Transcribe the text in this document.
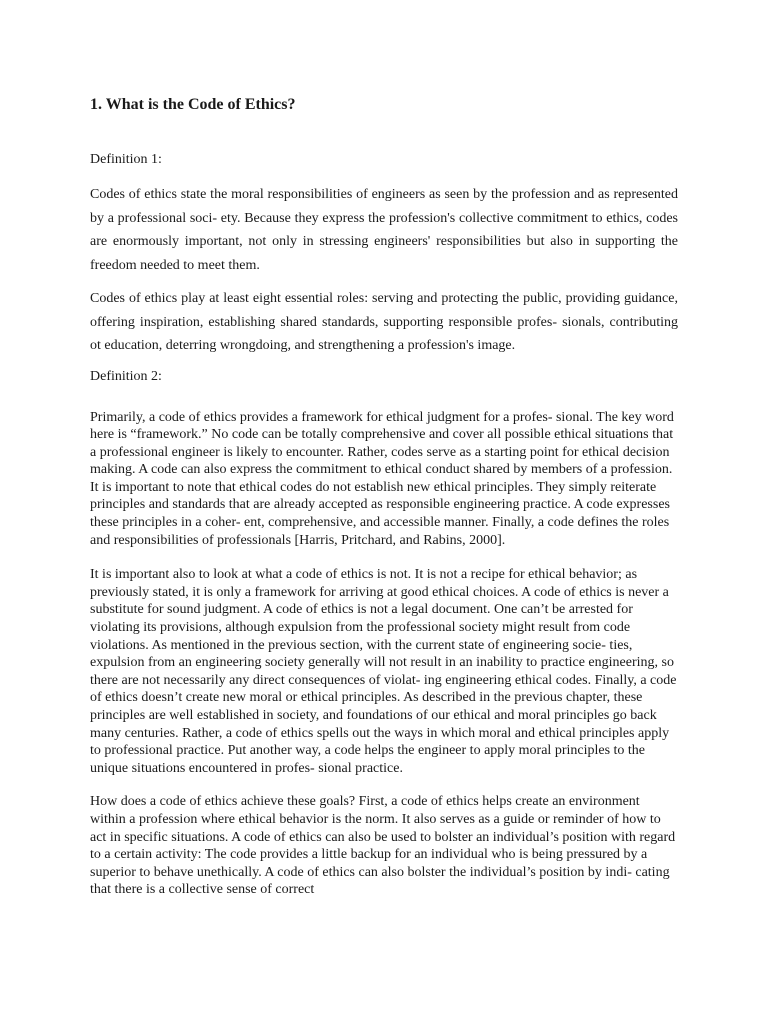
1. What is the Code of Ethics?
Definition 1:

Codes of ethics state the moral responsibilities of engineers as seen by the profession and as represented by a professional soci- ety. Because they express the profession's collective commitment to ethics, codes are enormously important, not only in stressing engineers' responsibilities but also in supporting the freedom needed to meet them.

Codes of ethics play at least eight essential roles: serving and protecting the public, providing guidance, offering inspiration, establishing shared standards, supporting responsible profes- sionals, contributing ot education, deterring wrongdoing, and strengthening a profession's image.

Definition 2:

Primarily, a code of ethics provides a framework for ethical judgment for a profes- sional. The key word here is “framework.” No code can be totally comprehensive and cover all possible ethical situations that a professional engineer is likely to encounter. Rather, codes serve as a starting point for ethical decision making. A code can also express the commitment to ethical conduct shared by members of a profession. It is important to note that ethical codes do not establish new ethical principles. They simply reiterate principles and standards that are already accepted as responsible engineering practice. A code expresses these principles in a coher- ent, comprehensive, and accessible manner. Finally, a code defines the roles and responsibilities of professionals [Harris, Pritchard, and Rabins, 2000].

It is important also to look at what a code of ethics is not. It is not a recipe for ethical behavior; as previously stated, it is only a framework for arriving at good ethical choices. A code of ethics is never a substitute for sound judgment. A code of ethics is not a legal document. One can’t be arrested for violating its provisions, although expulsion from the professional society might result from code violations. As mentioned in the previous section, with the current state of engineering socie- ties, expulsion from an engineering society generally will not result in an inability to practice engineering, so there are not necessarily any direct consequences of violat- ing engineering ethical codes. Finally, a code of ethics doesn’t create new moral or ethical principles. As described in the previous chapter, these principles are well established in society, and foundations of our ethical and moral principles go back many centuries. Rather, a code of ethics spells out the ways in which moral and ethical principles apply to professional practice. Put another way, a code helps the engineer to apply moral principles to the unique situations encountered in profes- sional practice.

How does a code of ethics achieve these goals? First, a code of ethics helps create an environment within a profession where ethical behavior is the norm. It also serves as a guide or reminder of how to act in specific situations. A code of ethics can also be used to bolster an individual’s position with regard to a certain activity: The code provides a little backup for an individual who is being pressured by a superior to behave unethically. A code of ethics can also bolster the individual’s position by indi- cating that there is a collective sense of correct
